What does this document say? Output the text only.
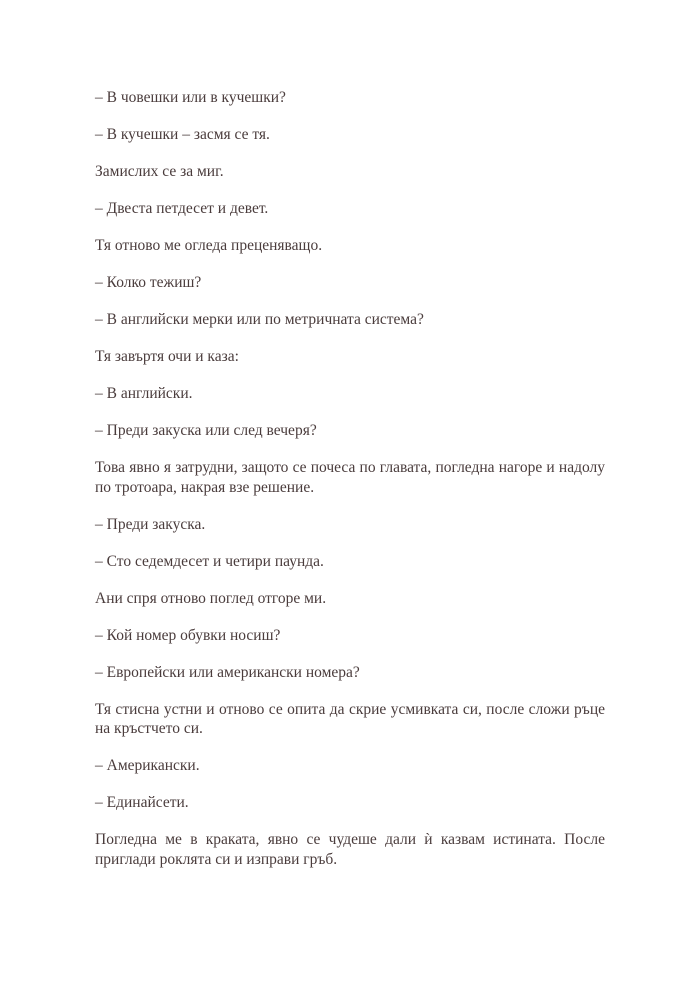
– В човешки или в кучешки?

– В кучешки – засмя се тя.

Замислих се за миг.

– Двеста петдесет и девет.

Тя отново ме огледа преценяващо.

– Колко тежиш?

– В английски мерки или по метричната система?

Тя завъртя очи и каза:

– В английски.

– Преди закуска или след вечеря?

Това явно я затрудни, защото се почеса по главата, погледна нагоре и надолу по тротоара, накрая взе решение.

– Преди закуска.

– Сто седемдесет и четири паунда.

Ани спря отново поглед отгоре ми.

– Кой номер обувки носиш?

– Европейски или американски номера?

Тя стисна устни и отново се опита да скрие усмивката си, после сложи ръце на кръстчето си.

– Американски.

– Единайсети.

Погледна ме в краката, явно се чудеше дали ѝ казвам истината. После приглади роклята си и изправи гръб.
